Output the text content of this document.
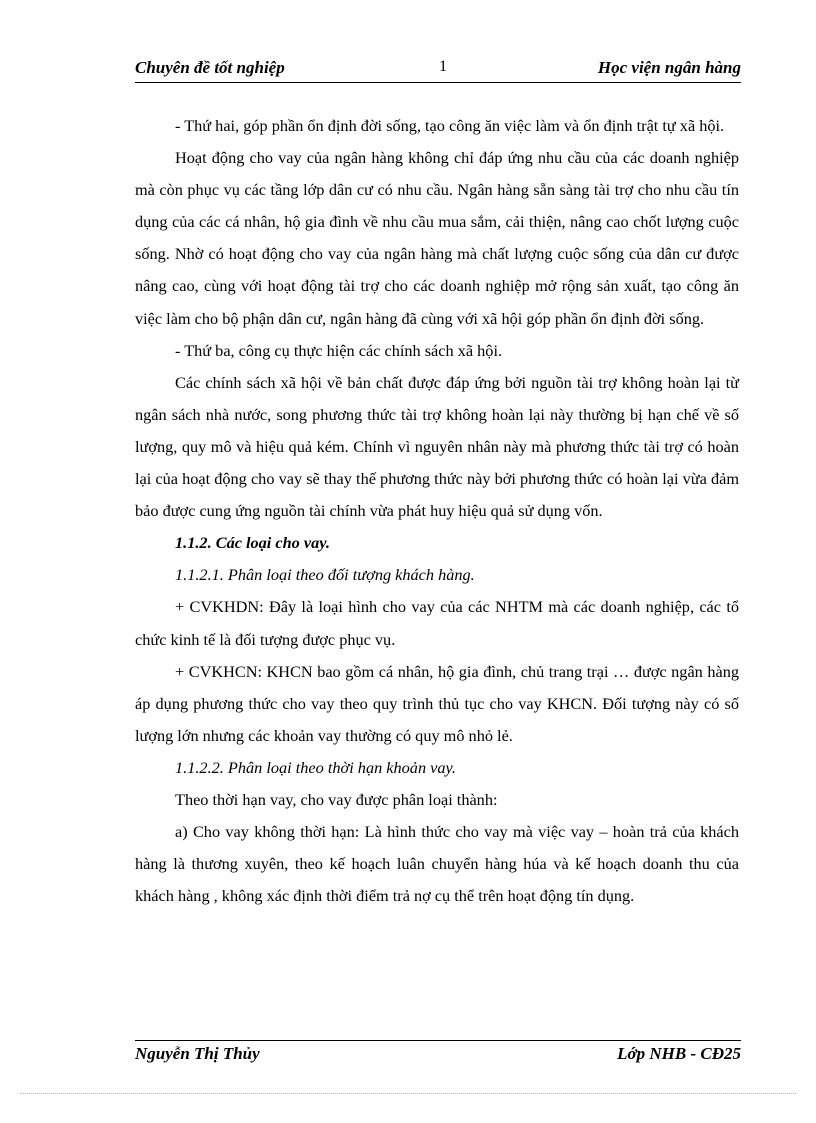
Chuyên đề tốt nghiệp	1	Học viện ngân hàng

- Thứ hai, góp phần ổn định đời sống, tạo công ăn việc làm và ổn định trật tự xã hội.

Hoạt động cho vay của ngân hàng không chỉ đáp ứng nhu cầu của các doanh nghiệp mà còn phục vụ các tầng lớp dân cư có nhu cầu. Ngân hàng sẵn sàng tài trợ cho nhu cầu tín dụng của các cá nhân, hộ gia đình về nhu cầu mua sắm, cải thiện, nâng cao chốt lượng cuộc sống. Nhờ có hoạt động cho vay của ngân hàng mà chất lượng cuộc sống của dân cư được nâng cao, cùng với hoạt động tài trợ cho các doanh nghiệp mở rộng sản xuất, tạo công ăn việc làm cho bộ phận dân cư, ngân hàng đã cùng với xã hội góp phần ổn định đời sống.

- Thứ ba, công cụ thực hiện các chính sách xã hội.

Các chính sách xã hội về bản chất được đáp ứng bởi nguồn tài trợ không hoàn lại từ ngân sách nhà nước, song phương thức tài trợ không hoàn lại này thường bị hạn chế về số lượng, quy mô và hiệu quả kém. Chính vì nguyên nhân này mà phương thức tài trợ có hoàn lại của hoạt động cho vay sẽ thay thế phương thức này bởi phương thức có hoàn lại vừa đảm bảo được cung ứng nguồn tài chính vừa phát huy hiệu quả sử dụng vốn.

1.1.2. Các loại cho vay.

1.1.2.1. Phân loại theo đối tượng khách hàng.

+ CVKHDN: Đây là loại hình cho vay của các NHTM mà các doanh nghiệp, các tổ chức kinh tế là đối tượng được phục vụ.

+ CVKHCN: KHCN bao gồm cá nhân, hộ gia đình, chủ trang trại … được ngân hàng áp dụng phương thức cho vay theo quy trình thủ tục cho vay KHCN. Đối tượng này có số lượng lớn nhưng các khoản vay thường có quy mô nhỏ lẻ.

1.1.2.2. Phân loại theo thời hạn khoản vay.

Theo thời hạn vay, cho vay được phân loại thành:

a) Cho vay không thời hạn: Là hình thức cho vay mà việc vay – hoàn trả của khách hàng là thương xuyên, theo kế hoạch luân chuyển hàng húa và kế hoạch doanh thu của khách hàng , không xác định thời điểm trả nợ cụ thể trên hoạt động tín dụng.

Nguyễn Thị Thủy	Lớp NHB - CĐ25
